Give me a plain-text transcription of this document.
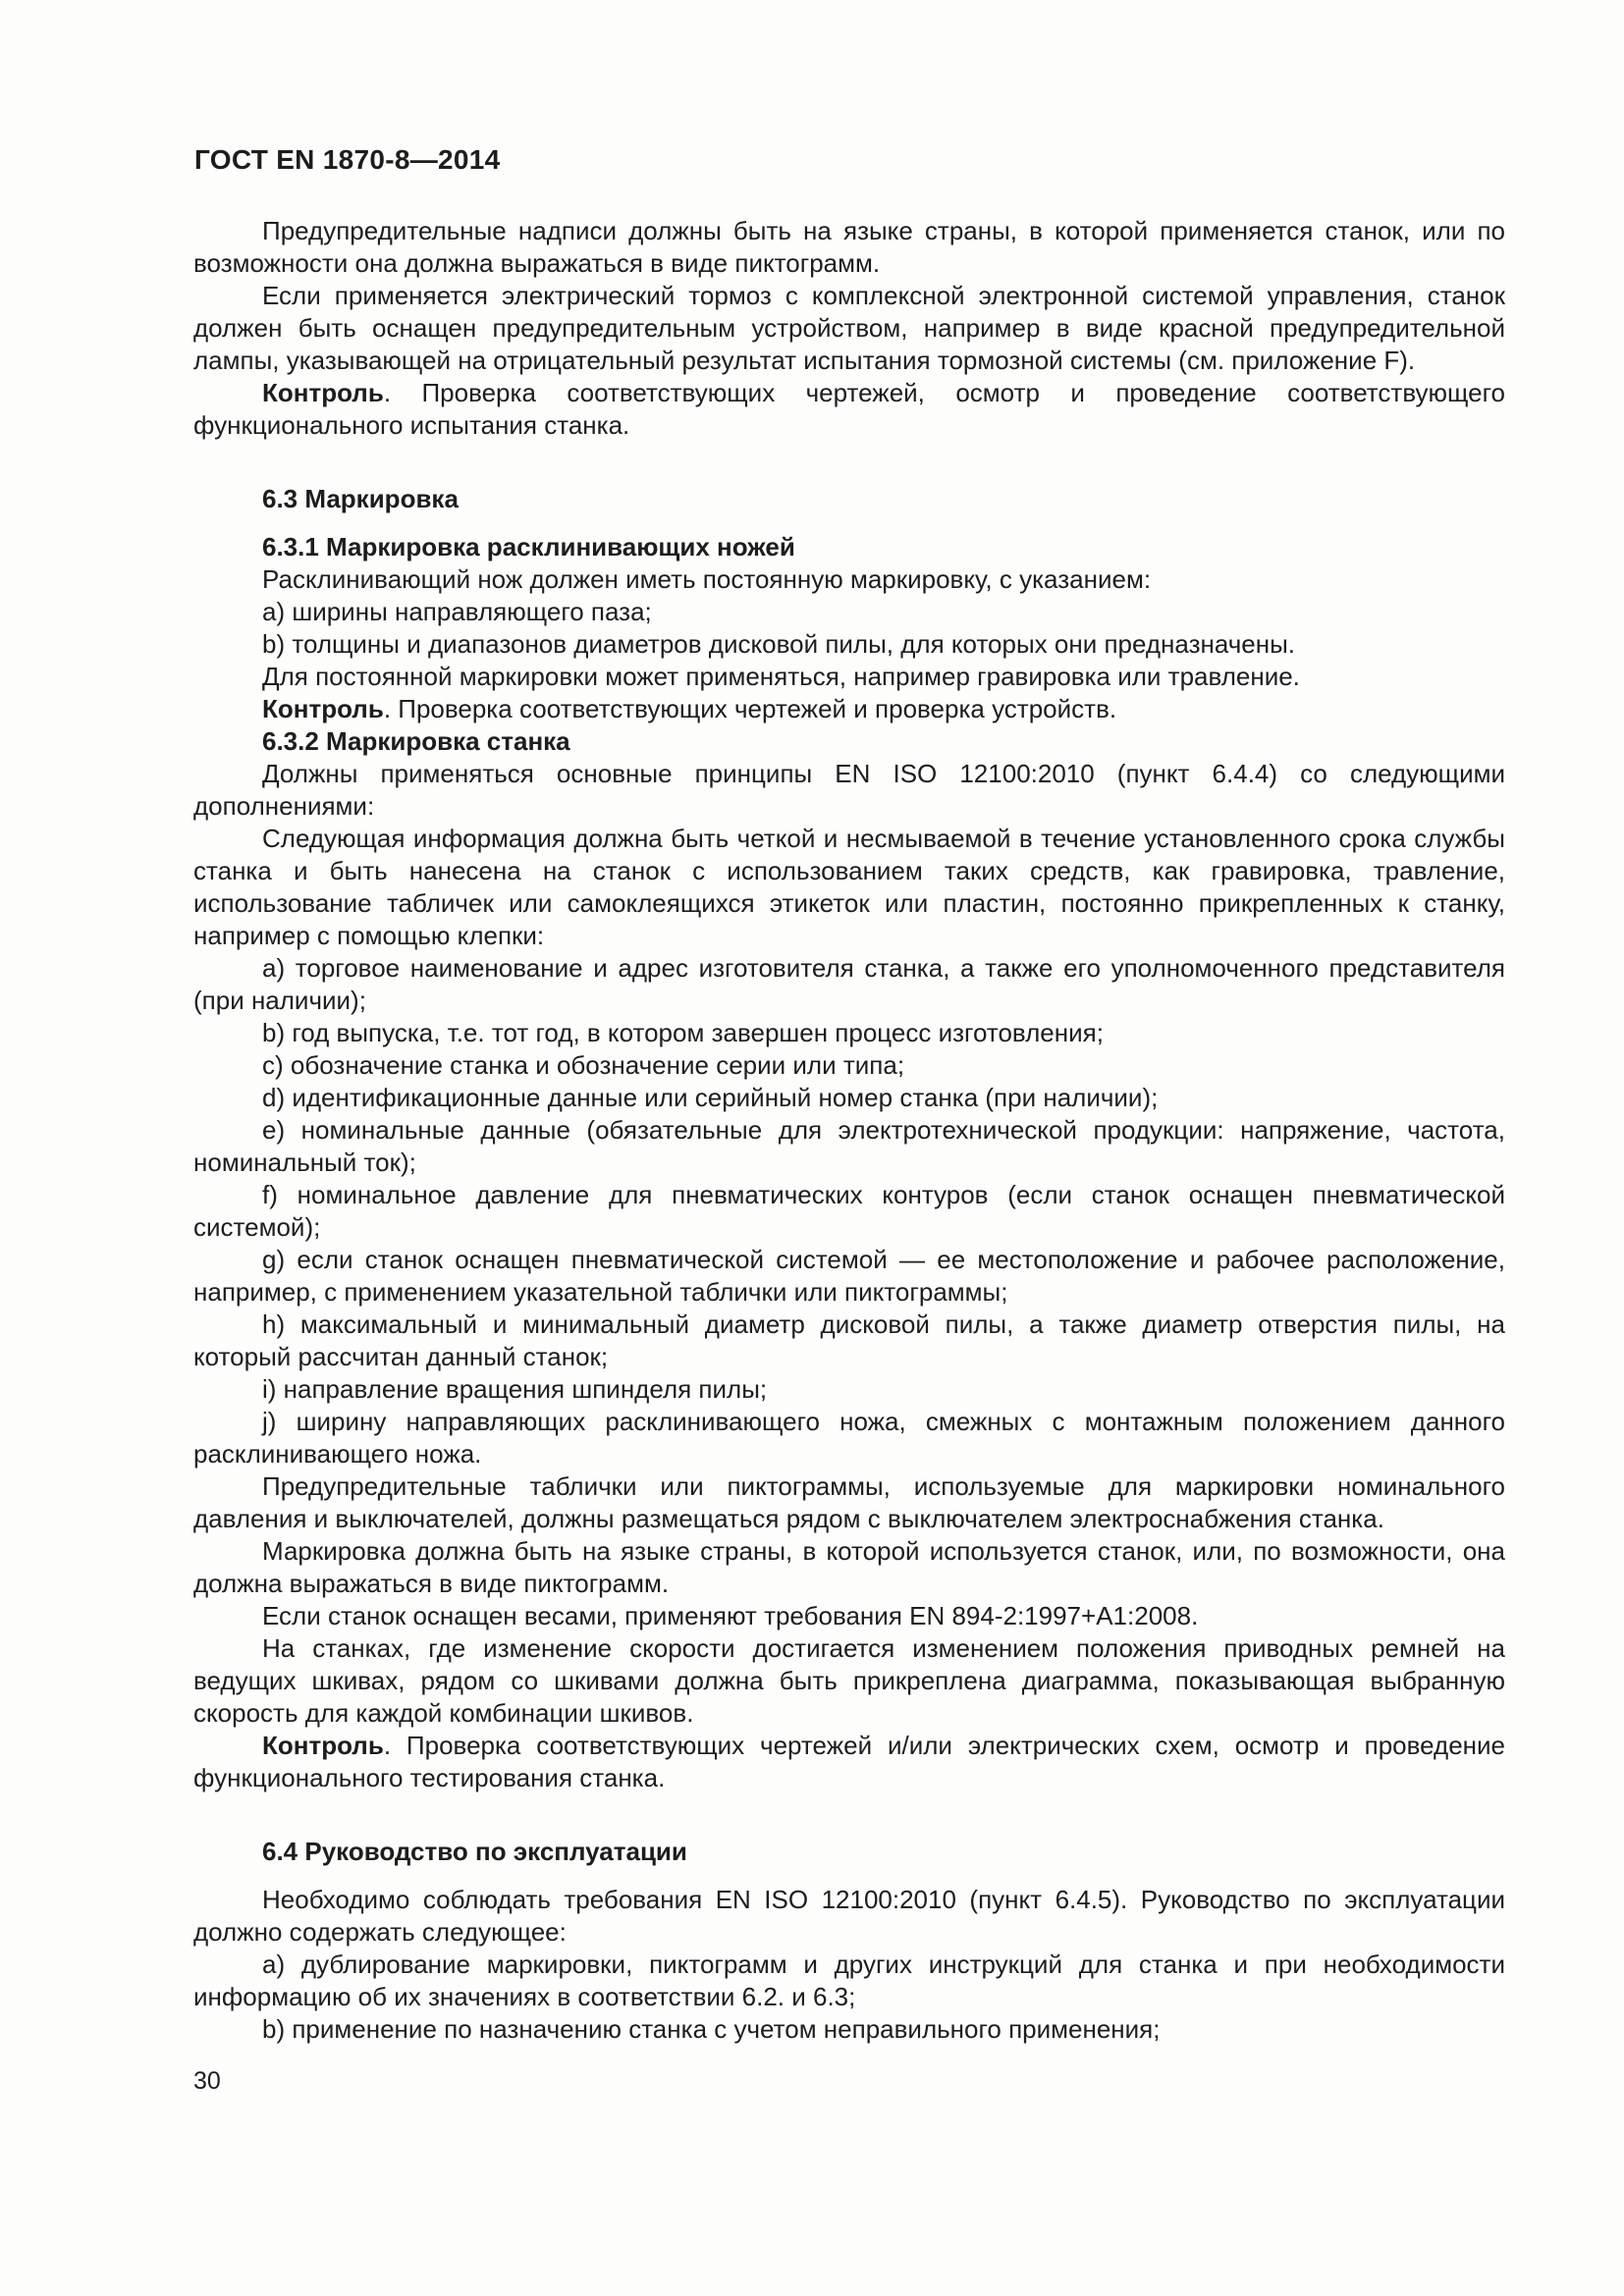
ГОСТ EN 1870-8—2014

Предупредительные надписи должны быть на языке страны, в которой применяется станок, или по возможности она должна выражаться в виде пиктограмм.

Если применяется электрический тормоз с комплексной электронной системой управления, станок должен быть оснащен предупредительным устройством, например в виде красной предупредительной лампы, указывающей на отрицательный результат испытания тормозной системы (см. приложение F).

Контроль. Проверка соответствующих чертежей, осмотр и проведение соответствующего функционального испытания станка.

6.3 Маркировка

6.3.1 Маркировка расклинивающих ножей

Расклинивающий нож должен иметь постоянную маркировку, с указанием:

a) ширины направляющего паза;

b) толщины и диапазонов диаметров дисковой пилы, для которых они предназначены.

Для постоянной маркировки может применяться, например гравировка или травление.

Контроль. Проверка соответствующих чертежей и проверка устройств.

6.3.2 Маркировка станка

Должны применяться основные принципы EN ISO 12100:2010 (пункт 6.4.4) со следующими дополнениями:

Следующая информация должна быть четкой и несмываемой в течение установленного срока службы станка и быть нанесена на станок с использованием таких средств, как гравировка, травление, использование табличек или самоклеящихся этикеток или пластин, постоянно прикрепленных к станку, например с помощью клепки:

a) торговое наименование и адрес изготовителя станка, а также его уполномоченного представителя (при наличии);

b) год выпуска, т.е. тот год, в котором завершен процесс изготовления;

c) обозначение станка и обозначение серии или типа;

d) идентификационные данные или серийный номер станка (при наличии);

e) номинальные данные (обязательные для электротехнической продукции: напряжение, частота, номинальный ток);

f) номинальное давление для пневматических контуров (если станок оснащен пневматической системой);

g) если станок оснащен пневматической системой — ее местоположение и рабочее расположение, например, с применением указательной таблички или пиктограммы;

h) максимальный и минимальный диаметр дисковой пилы, а также диаметр отверстия пилы, на который рассчитан данный станок;

i) направление вращения шпинделя пилы;

j) ширину направляющих расклинивающего ножа, смежных с монтажным положением данного расклинивающего ножа.

Предупредительные таблички или пиктограммы, используемые для маркировки номинального давления и выключателей, должны размещаться рядом с выключателем электроснабжения станка.

Маркировка должна быть на языке страны, в которой используется станок, или, по возможности, она должна выражаться в виде пиктограмм.

Если станок оснащен весами, применяют требования EN 894-2:1997+A1:2008.

На станках, где изменение скорости достигается изменением положения приводных ремней на ведущих шкивах, рядом со шкивами должна быть прикреплена диаграмма, показывающая выбранную скорость для каждой комбинации шкивов.

Контроль. Проверка соответствующих чертежей и/или электрических схем, осмотр и проведение функционального тестирования станка.

6.4 Руководство по эксплуатации

Необходимо соблюдать требования EN ISO 12100:2010 (пункт 6.4.5). Руководство по эксплуатации должно содержать следующее:

a) дублирование маркировки, пиктограмм и других инструкций для станка и при необходимости информацию об их значениях в соответствии 6.2. и 6.3;

b) применение по назначению станка с учетом неправильного применения;

30
